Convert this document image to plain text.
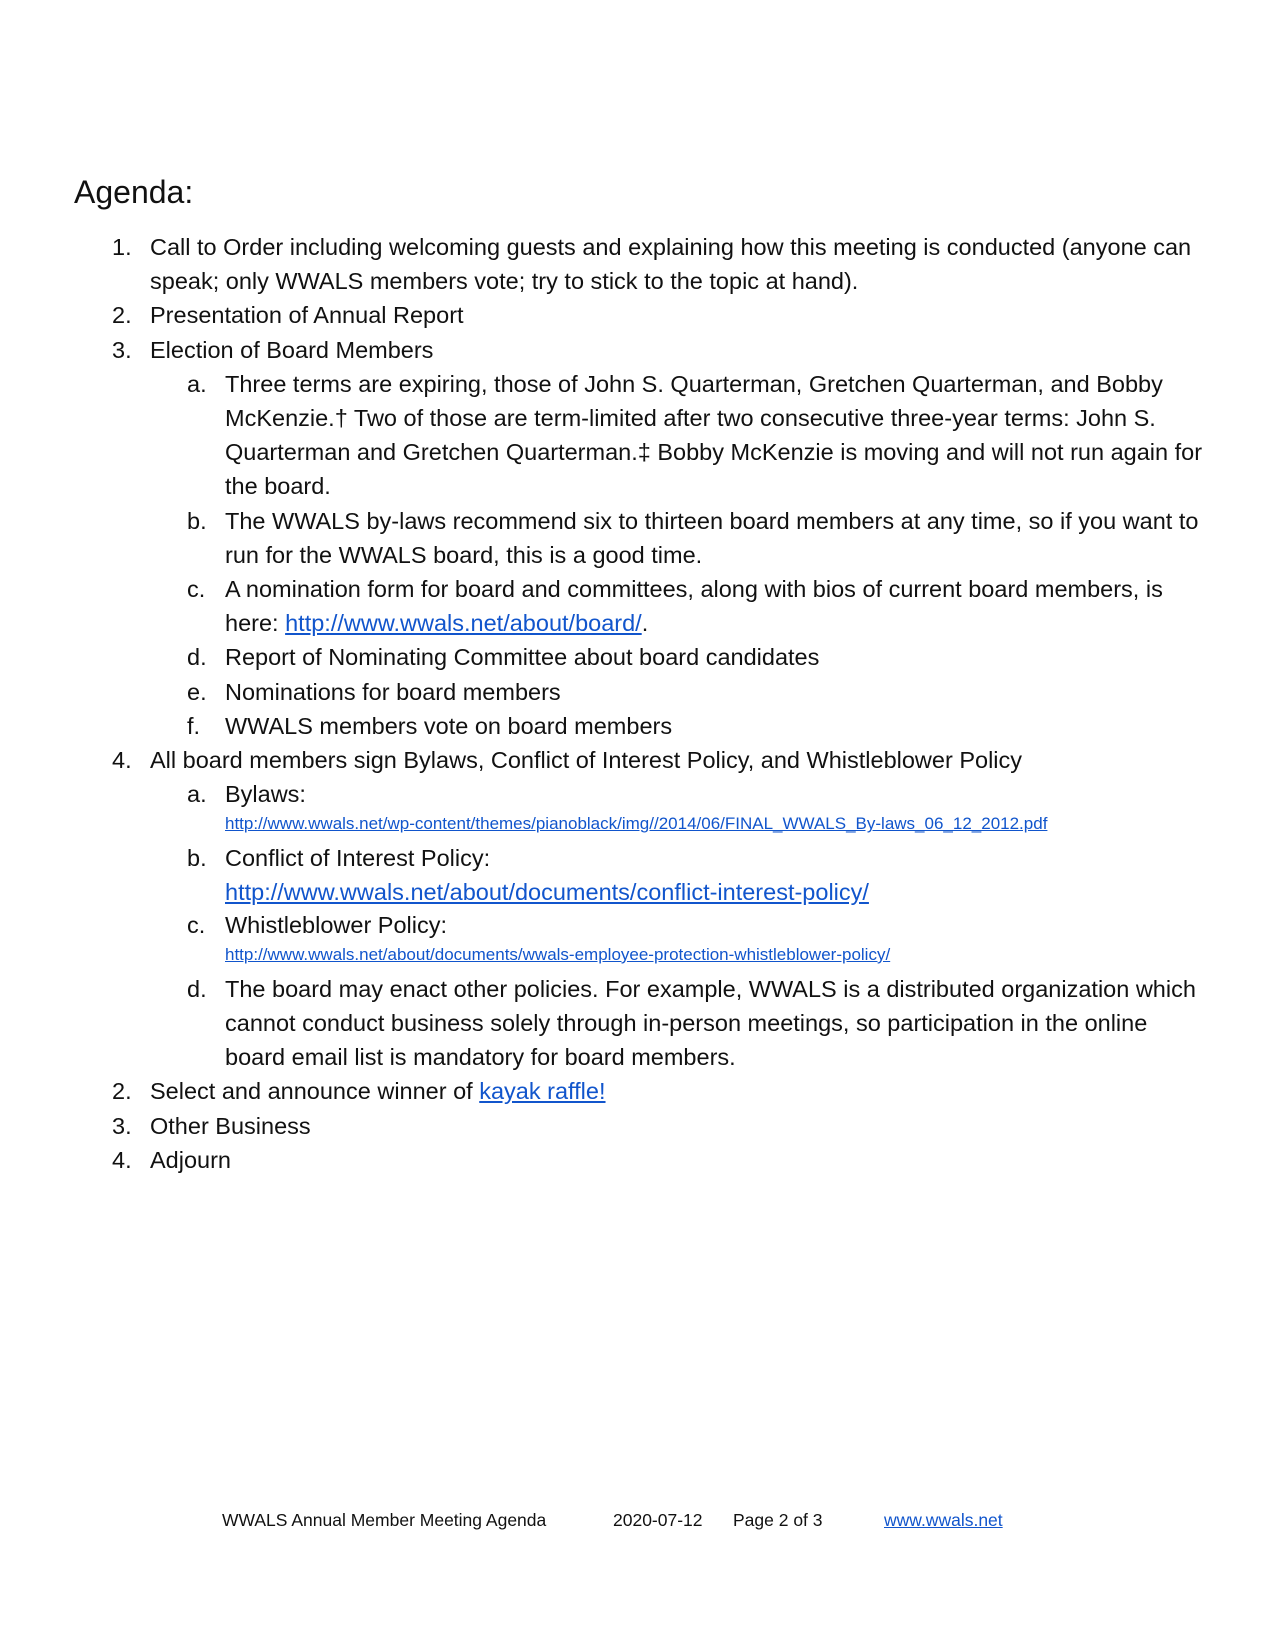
Agenda:
1. Call to Order including welcoming guests and explaining how this meeting is conducted (anyone can speak; only WWALS members vote; try to stick to the topic at hand).
2. Presentation of Annual Report
3. Election of Board Members
a. Three terms are expiring, those of John S. Quarterman, Gretchen Quarterman, and Bobby McKenzie.† Two of those are term-limited after two consecutive three-year terms: John S. Quarterman and Gretchen Quarterman.‡ Bobby McKenzie is moving and will not run again for the board.
b. The WWALS by-laws recommend six to thirteen board members at any time, so if you want to run for the WWALS board, this is a good time.
c. A nomination form for board and committees, along with bios of current board members, is here: http://www.wwals.net/about/board/.
d. Report of Nominating Committee about board candidates
e. Nominations for board members
f.	WWALS members vote on board members
4. All board members sign Bylaws, Conflict of Interest Policy, and Whistleblower Policy
a. Bylaws:
http://www.wwals.net/wp-content/themes/pianoblack/img//2014/06/FINAL_WWALS_By-laws_06_12_2012.pdf
b. Conflict of Interest Policy:
http://www.wwals.net/about/documents/conflict-interest-policy/
c. Whistleblower Policy:
http://www.wwals.net/about/documents/wwals-employee-protection-whistleblower-policy/
d. The board may enact other policies. For example, WWALS is a distributed organization which cannot conduct business solely through in-person meetings, so participation in the online board email list is mandatory for board members.
2. Select and announce winner of kayak raffle!
3. Other Business
4. Adjourn
WWALS Annual Member Meeting Agenda	2020-07-12 Page 2 of 3	www.wwals.net
